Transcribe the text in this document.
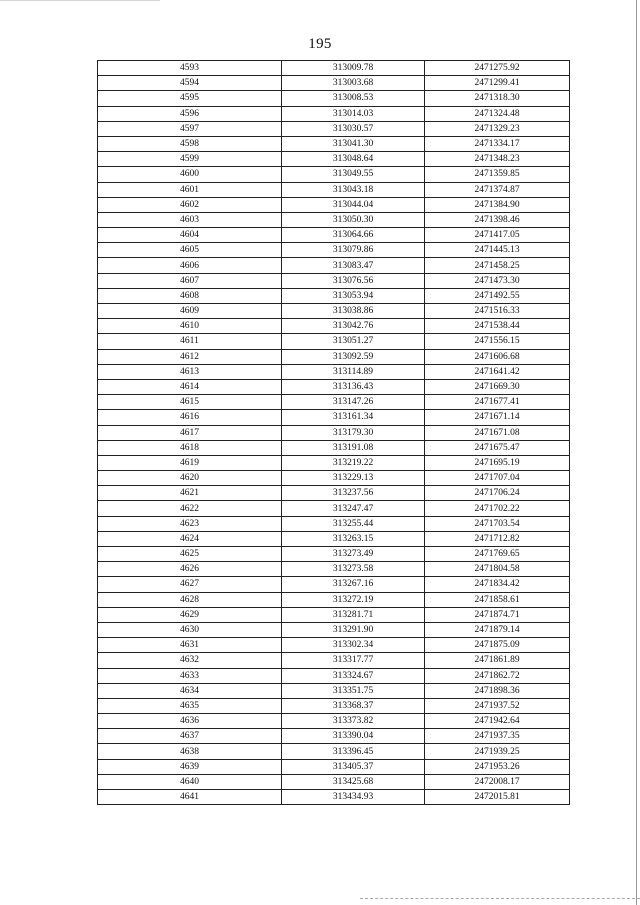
195
4593	313009.78	2471275.92
4594	313003.68	2471299.41
4595	313008.53	2471318.30
4596	313014.03	2471324.48
4597	313030.57	2471329.23
4598	313041.30	2471334.17
4599	313048.64	2471348.23
4600	313049.55	2471359.85
4601	313043.18	2471374.87
4602	313044.04	2471384.90
4603	313050.30	2471398.46
4604	313064.66	2471417.05
4605	313079.86	2471445.13
4606	313083.47	2471458.25
4607	313076.56	2471473.30
4608	313053.94	2471492.55
4609	313038.86	2471516.33
4610	313042.76	2471538.44
4611	313051.27	2471556.15
4612	313092.59	2471606.68
4613	313114.89	2471641.42
4614	313136.43	2471669.30
4615	313147.26	2471677.41
4616	313161.34	2471671.14
4617	313179.30	2471671.08
4618	313191.08	2471675.47
4619	313219.22	2471695.19
4620	313229.13	2471707.04
4621	313237.56	2471706.24
4622	313247.47	2471702.22
4623	313255.44	2471703.54
4624	313263.15	2471712.82
4625	313273.49	2471769.65
4626	313273.58	2471804.58
4627	313267.16	2471834.42
4628	313272.19	2471858.61
4629	313281.71	2471874.71
4630	313291.90	2471879.14
4631	313302.34	2471875.09
4632	313317.77	2471861.89
4633	313324.67	2471862.72
4634	313351.75	2471898.36
4635	313368.37	2471937.52
4636	313373.82	2471942.64
4637	313390.04	2471937.35
4638	313396.45	2471939.25
4639	313405.37	2471953.26
4640	313425.68	2472008.17
4641	313434.93	2472015.81
